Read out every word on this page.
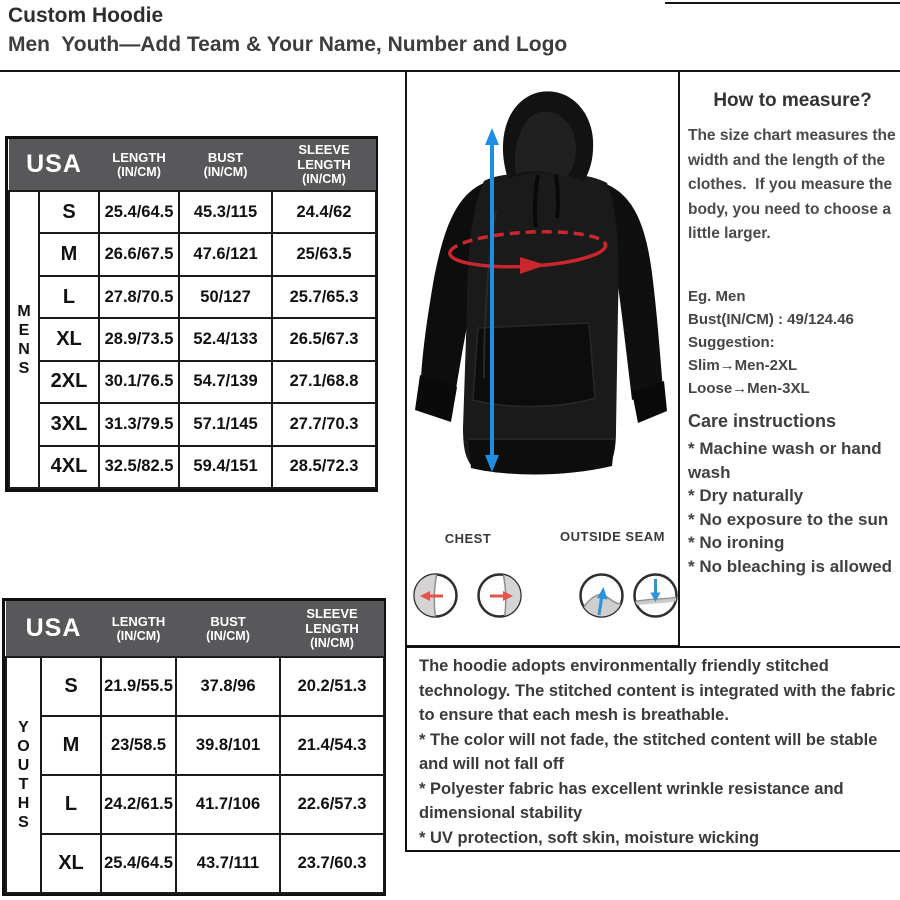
Custom Hoodie
Men  Youth—Add Team & Your Name, Number and Logo
USA	LENGTH
(IN/CM)

BUST
(IN/CM)

SLEEVE LENGTH
(IN/CM)

M
E
N
S	S	25.4/64.5	45.3/115	24.4/62
	M	26.6/67.5	47.6/121	25/63.5
	L	27.8/70.5	50/127	25.7/65.3
	XL	28.9/73.5	52.4/133	26.5/67.3
	2XL	30.1/76.5	54.7/139	27.1/68.8
	3XL	31.3/79.5	57.1/145	27.7/70.3
	4XL	32.5/82.5	59.4/151	28.5/72.3
USA	LENGTH
(IN/CM)

BUST
(IN/CM)

SLEEVE LENGTH
(IN/CM)

Y
O
U
T
H
S
	S	21.9/55.5	37.8/96	20.2/51.3
	M	23/58.5	39.8/101	21.4/54.3
	L	24.2/61.5	41.7/106	22.6/57.3
	XL	25.4/64.5	43.7/111	23.7/60.3
CHEST	OUTSIDE SEAM
How to measure?
The size chart measures the width and the length of the clothes.  If you measure the body, you need to choose a little larger.
Eg. Men
Bust(IN/CM) : 49/124.46
Suggestion:
Slim→Men-2XL
Loose→Men-3XL
Care instructions
* Machine wash or hand wash
* Dry naturally
* No exposure to the sun
* No ironing
* No bleaching is allowed
The hoodie adopts environmentally friendly stitched technology. The stitched content is integrated with the fabric to ensure that each mesh is breathable.
* The color will not fade, the stitched content will be stable and will not fall off
* Polyester fabric has excellent wrinkle resistance and dimensional stability
* UV protection, soft skin, moisture wicking
